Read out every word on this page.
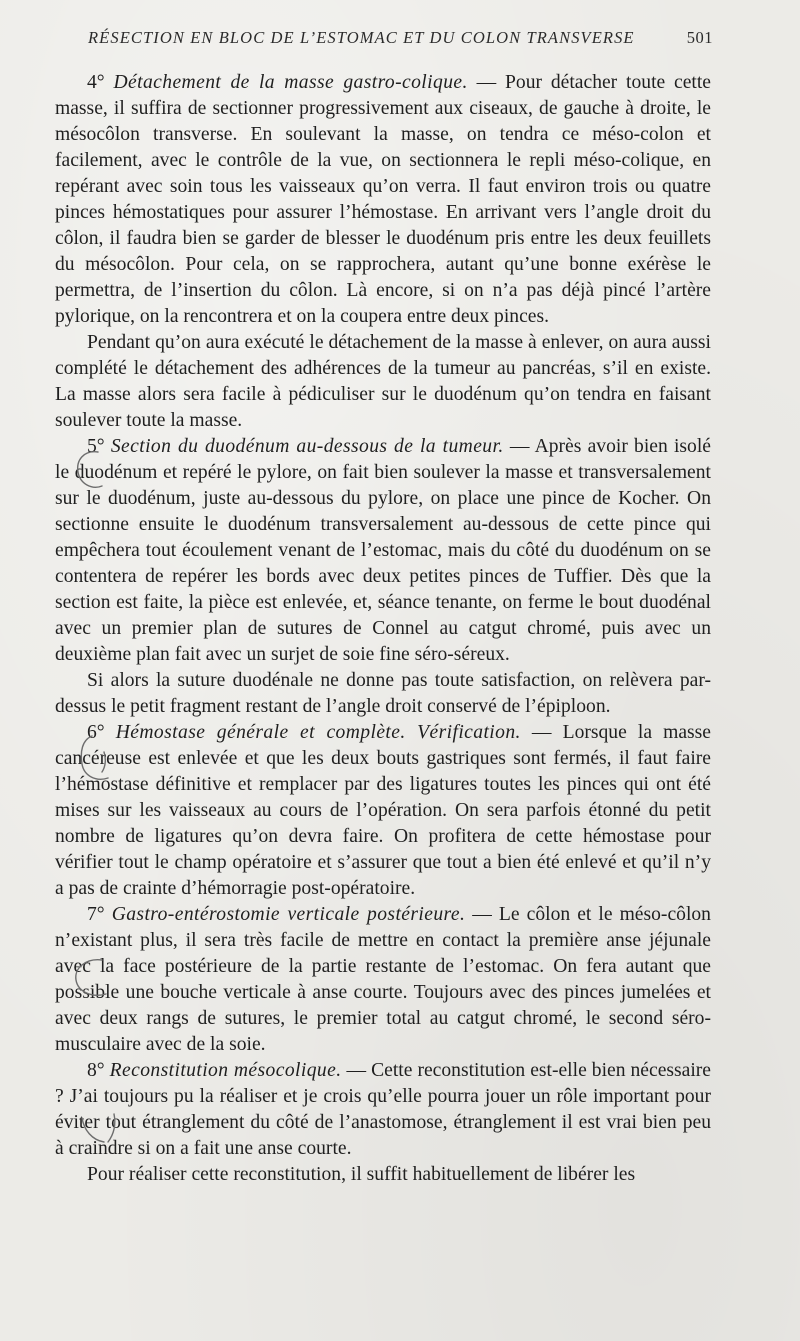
RÉSECTION EN BLOC DE L’ESTOMAC ET DU COLON TRANSVERSE	501

4° Détachement de la masse gastro-colique. — Pour détacher toute cette masse, il suffira de sectionner progressivement aux ciseaux, de gauche à droite, le mésocôlon transverse. En soulevant la masse, on tendra ce méso-colon et facilement, avec le contrôle de la vue, on sectionnera le repli méso-colique, en repérant avec soin tous les vaisseaux qu’on verra. Il faut environ trois ou quatre pinces hémostatiques pour assurer l’hémostase. En arrivant vers l’angle droit du côlon, il faudra bien se garder de blesser le duodénum pris entre les deux feuillets du mésocôlon. Pour cela, on se rapprochera, autant qu’une bonne exérèse le permettra, de l’insertion du côlon. Là encore, si on n’a pas déjà pincé l’artère pylorique, on la rencontrera et on la coupera entre deux pinces.

Pendant qu’on aura exécuté le détachement de la masse à enlever, on aura aussi complété le détachement des adhérences de la tumeur au pancréas, s’il en existe. La masse alors sera facile à pédiculiser sur le duodénum qu’on tendra en faisant soulever toute la masse.

5° Section du duodénum au-dessous de la tumeur. — Après avoir bien isolé le duodénum et repéré le pylore, on fait bien soulever la masse et transversalement sur le duodénum, juste au-dessous du pylore, on place une pince de Kocher. On sectionne ensuite le duodénum transversalement au-dessous de cette pince qui empêchera tout écoulement venant de l’estomac, mais du côté du duodénum on se contentera de repérer les bords avec deux petites pinces de Tuffier. Dès que la section est faite, la pièce est enlevée, et, séance tenante, on ferme le bout duodénal avec un premier plan de sutures de Connel au catgut chromé, puis avec un deuxième plan fait avec un surjet de soie fine séro-séreux.

Si alors la suture duodénale ne donne pas toute satisfaction, on relèvera par-dessus le petit fragment restant de l’angle droit conservé de l’épiploon.

6° Hémostase générale et complète. Vérification. — Lorsque la masse cancéreuse est enlevée et que les deux bouts gastriques sont fermés, il faut faire l’hémostase définitive et remplacer par des ligatures toutes les pinces qui ont été mises sur les vaisseaux au cours de l’opération. On sera parfois étonné du petit nombre de ligatures qu’on devra faire. On profitera de cette hémostase pour vérifier tout le champ opératoire et s’assurer que tout a bien été enlevé et qu’il n’y a pas de crainte d’hémorragie post-opératoire.

7° Gastro-entérostomie verticale postérieure. — Le côlon et le méso-côlon n’existant plus, il sera très facile de mettre en contact la première anse jéjunale avec la face postérieure de la partie restante de l’estomac. On fera autant que possible une bouche verticale à anse courte. Toujours avec des pinces jumelées et avec deux rangs de sutures, le premier total au catgut chromé, le second séro-musculaire avec de la soie.

8° Reconstitution mésocolique. — Cette reconstitution est-elle bien nécessaire ? J’ai toujours pu la réaliser et je crois qu’elle pourra jouer un rôle important pour éviter tout étranglement du côté de l’anastomose, étranglement il est vrai bien peu à craindre si on a fait une anse courte.

Pour réaliser cette reconstitution, il suffit habituellement de libérer les
